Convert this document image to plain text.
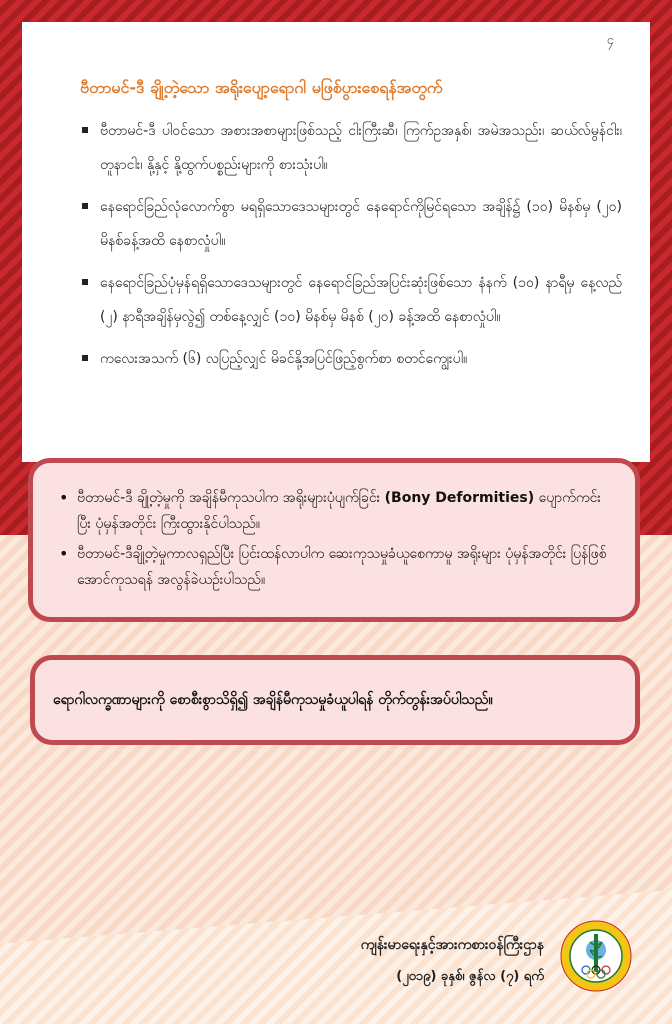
၄
ဗီတာမင်-ဒီ ချို့တဲ့သော အရိုးပျော့ရောဂါ မဖြစ်ပွားစေရန်အတွက်
ဗီတာမင်-ဒီ ပါဝင်သော အစားအစာများဖြစ်သည့် ငါးကြီးဆီ၊ ကြက်ဥအနှစ်၊ အမဲအသည်း၊ ဆယ်လ်မွန်ငါး၊ တူနာငါး၊ နို့နှင့် နို့ထွက်ပစ္စည်းများကို စားသုံးပါ။
နေရောင်ခြည်လုံလောက်စွာ မရရှိသောဒေသများတွင် နေရောင်ကိုမြင်ရသော အချိန်၌ (၁၀) မိနစ်မှ (၂၀) မိနစ်ခန့်အထိ နေစာလှုံပါ။
နေရောင်ခြည်ပုံမှန်ရရှိသောဒေသများတွင် နေရောင်ခြည်အပြင်းဆုံးဖြစ်သော နံနက် (၁၀) နာရီမှ နေ့လည် (၂) နာရီအချိန်မှလွဲ၍ တစ်နေ့လျှင် (၁၀) မိနစ်မှ မိနစ် (၂၀) ခန့်အထိ နေစာလှုံပါ။
ကလေးအသက် (၆) လပြည့်လျှင် မိခင်နို့အပြင်ဖြည့်စွက်စာ စတင်ကျွေးပါ။
• ဗီတာမင်-ဒီ ချို့တဲ့မှုကို အချိန်မီကုသပါက အရိုးများပုံပျက်ခြင်း (Bony Deformities) ပျောက်ကင်းပြီး ပုံမှန်အတိုင်း ကြီးထွားနိုင်ပါသည်။
• ဗီတာမင်-ဒီချို့တဲ့မှုကာလရှည်ပြီး ပြင်းထန်လာပါက ဆေးကုသမှုခံယူစေကာမူ အရိုးများ ပုံမှန်အတိုင်း ပြန်ဖြစ်အောင်ကုသရန် အလွန်ခဲယဉ်းပါသည်။
ရောဂါလက္ခဏာများကို စောစီးစွာသိရှိ၍ အချိန်မီကုသမှုခံယူပါရန် တိုက်တွန်းအပ်ပါသည်။
ကျန်းမာရေးနှင့်အားကစားဝန်ကြီးဌာန
(၂၀၁၉) ခုနှစ်၊ ဇွန်လ (၇) ရက်
